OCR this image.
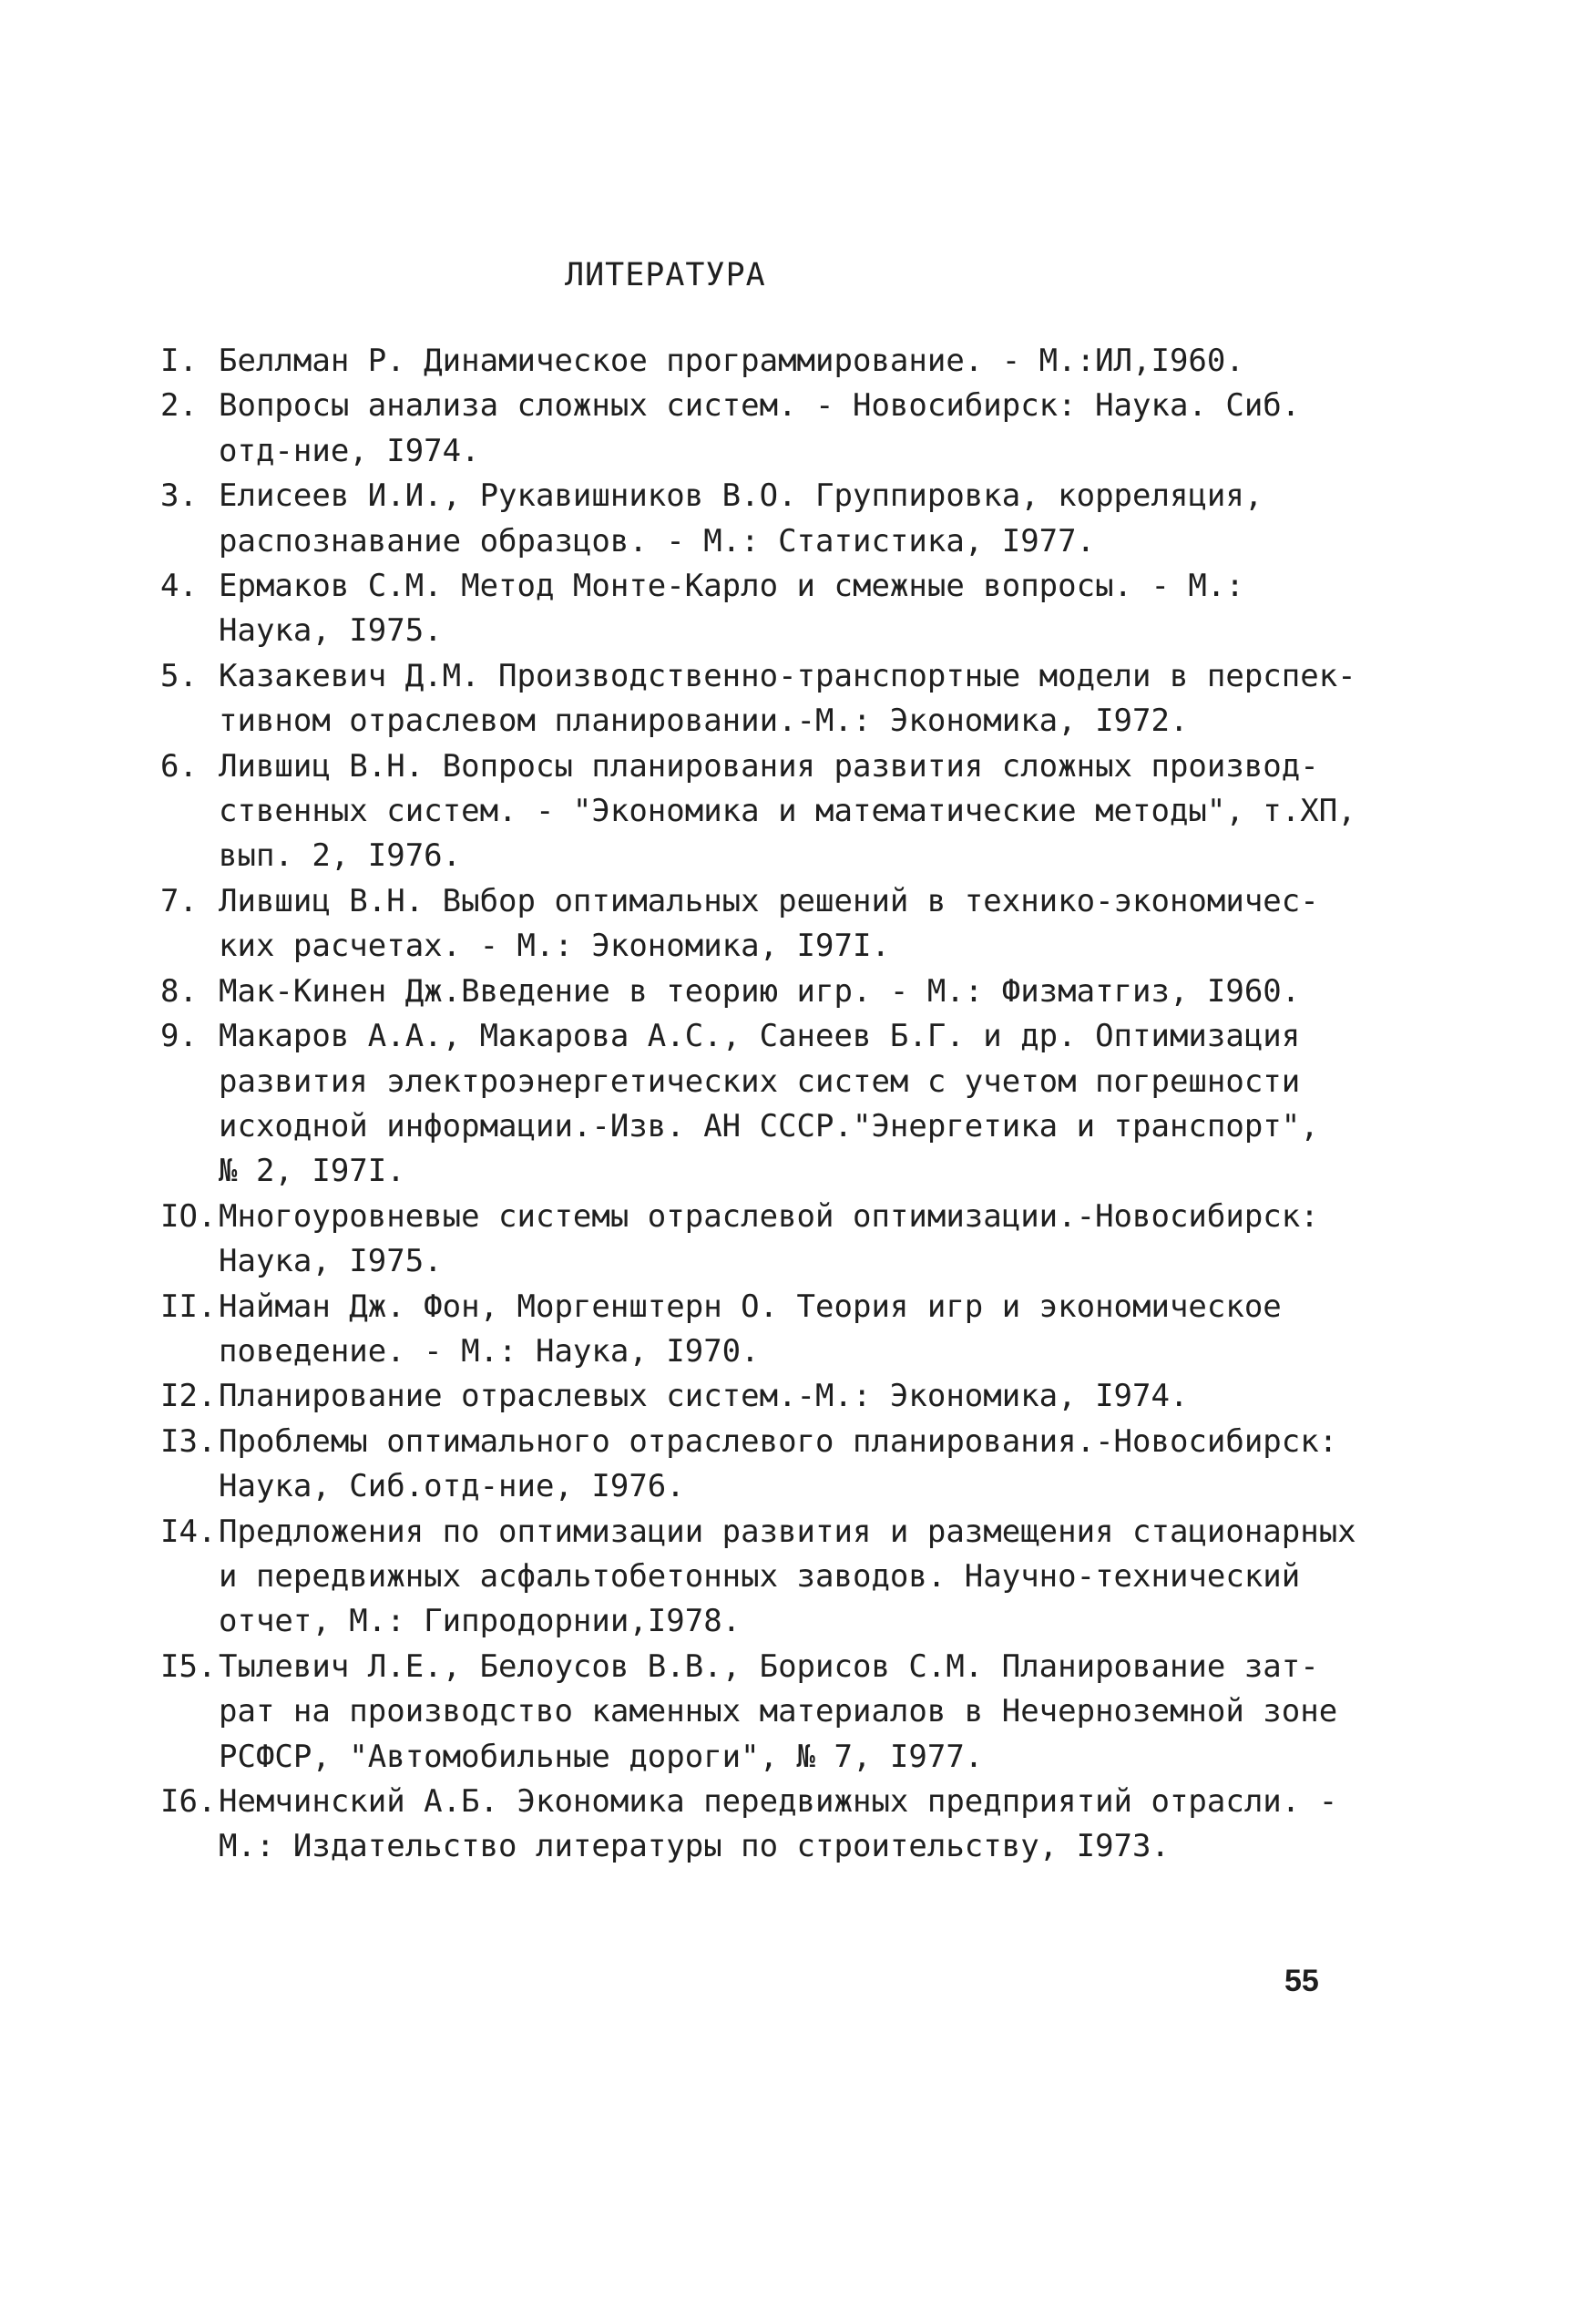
ЛИТЕРАТУРА
I. Беллман Р. Динамическое программирование. - М.:ИЛ,I960.
2. Вопросы анализа сложных систем. - Новосибирск: Наука. Сиб.
отд-ние, I974.
3. Елисеев И.И., Рукавишников В.О. Группировка, корреляция,
распознавание образцов. - М.: Статистика, I977.
4. Ермаков С.М. Метод Монте-Карло и смежные вопросы. - М.:
Наука, I975.
5. Казакевич Д.М. Производственно-транспортные модели в перспек-
тивном отраслевом планировании.-М.: Экономика, I972.
6. Лившиц В.Н. Вопросы планирования развития сложных производ-
ственных систем. - "Экономика и математические методы", т.ХП,
вып. 2, I976.
7. Лившиц В.Н. Выбор оптимальных решений в технико-экономичес-
ких расчетах. - М.: Экономика, I97I.
8. Мак-Кинен Дж.Введение в теорию игр. - М.: Физматгиз, I960.
9. Макаров А.А., Макарова А.С., Санеев Б.Г. и др. Оптимизация
развития электроэнергетических систем с учетом погрешности
исходной информации.-Изв. АН СССР."Энергетика и транспорт",
№ 2, I97I.
IO. Многоуровневые системы отраслевой оптимизации.-Новосибирск:
Наука, I975.
II. Найман Дж. Фон, Моргенштерн О. Теория игр и экономическое
поведение. - М.: Наука, I970.
I2. Планирование отраслевых систем.-М.: Экономика, I974.
I3. Проблемы оптимального отраслевого планирования.-Новосибирск:
Наука, Сиб.отд-ние, I976.
I4. Предложения по оптимизации развития и размещения стационарных
и передвижных асфальтобетонных заводов. Научно-технический
отчет, М.: Гипродорнии,I978.
I5. Тылевич Л.Е., Белоусов В.В., Борисов С.М. Планирование зат-
рат на производство каменных материалов в Нечерноземной зоне
РСФСР, "Автомобильные дороги", № 7, I977.
I6. Немчинский А.Б. Экономика передвижных предприятий отрасли. -
М.: Издательство литературы по строительству, I973.
55
